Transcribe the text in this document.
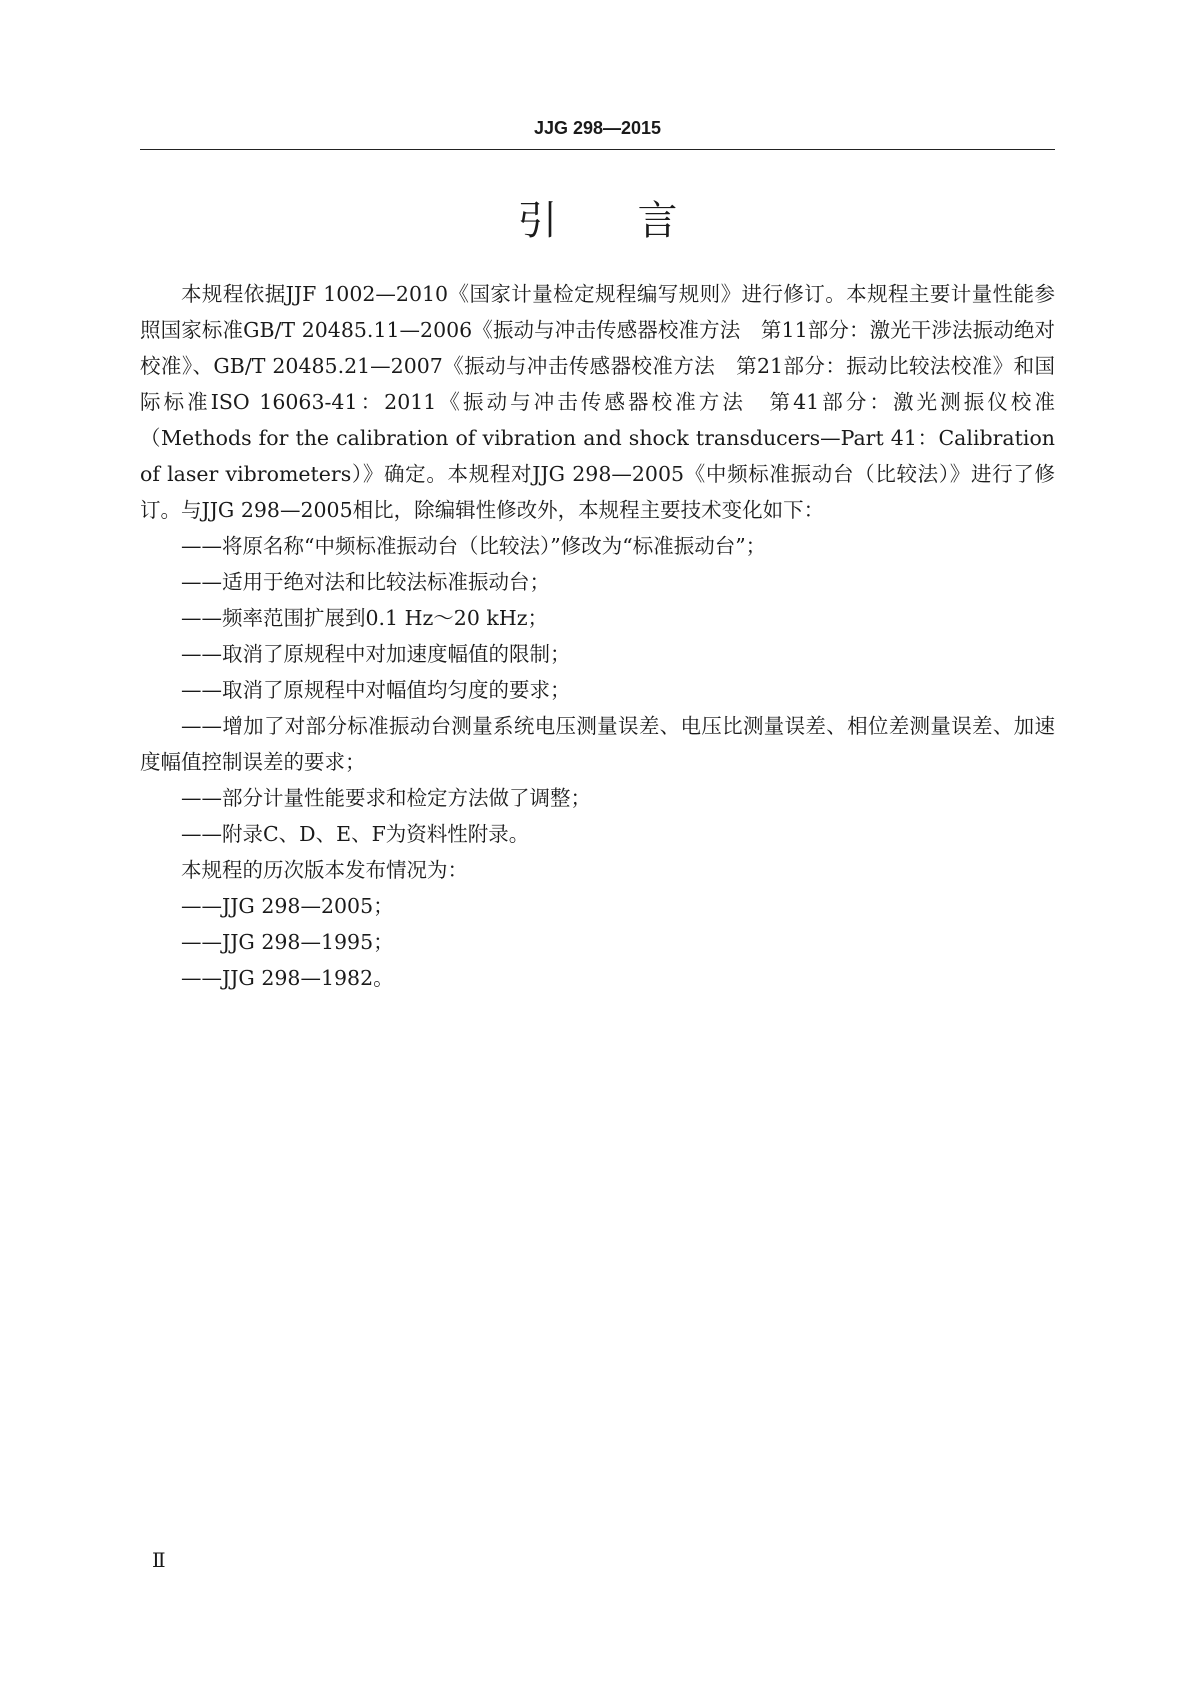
JJG 298—2015
引言

本规程依据JJF 1002—2010《国家计量检定规程编写规则》进行修订。本规程主要计量性能参照国家标准GB/T 20485.11—2006《振动与冲击传感器校准方法　第11部分：激光干涉法振动绝对校准》、GB/T 20485.21—2007《振动与冲击传感器校准方法　第21部分：振动比较法校准》和国际标准ISO 16063-41：2011《振动与冲击传感器校准方法　第41部分：激光测振仪校准（Methods for the calibration of vibration and shock transducers—Part 41：Calibration of laser vibrometers）》确定。本规程对JJG 298—2005《中频标准振动台（比较法）》进行了修订。与JJG 298—2005相比，除编辑性修改外，本规程主要技术变化如下：

——将原名称“中频标准振动台（比较法）”修改为“标准振动台”；

——适用于绝对法和比较法标准振动台；

——频率范围扩展到0.1 Hz～20 kHz；

——取消了原规程中对加速度幅值的限制；

——取消了原规程中对幅值均匀度的要求；

——增加了对部分标准振动台测量系统电压测量误差、电压比测量误差、相位差测量误差、加速度幅值控制误差的要求；

——部分计量性能要求和检定方法做了调整；

——附录C、D、E、F为资料性附录。

本规程的历次版本发布情况为：

——JJG 298—2005；

——JJG 298—1995；

——JJG 298—1982。

Ⅱ
